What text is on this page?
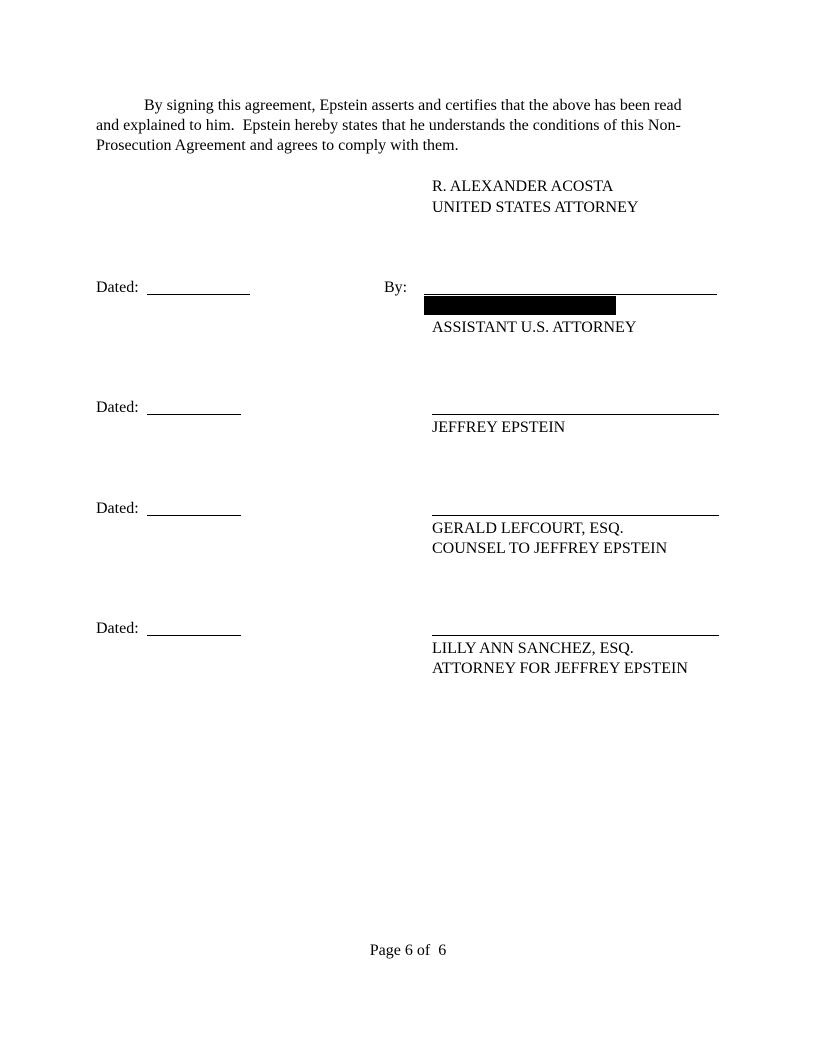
By signing this agreement, Epstein asserts and certifies that the above has been read
and explained to him.  Epstein hereby states that he understands the conditions of this Non-
Prosecution Agreement and agrees to comply with them.
R. ALEXANDER ACOSTA
UNITED STATES ATTORNEY
Dated:	By:
ASSISTANT U.S. ATTORNEY
Dated:
JEFFREY EPSTEIN
Dated:
GERALD LEFCOURT, ESQ.
COUNSEL TO JEFFREY EPSTEIN
Dated:
LILLY ANN SANCHEZ, ESQ.
ATTORNEY FOR JEFFREY EPSTEIN
Page 6 of  6
